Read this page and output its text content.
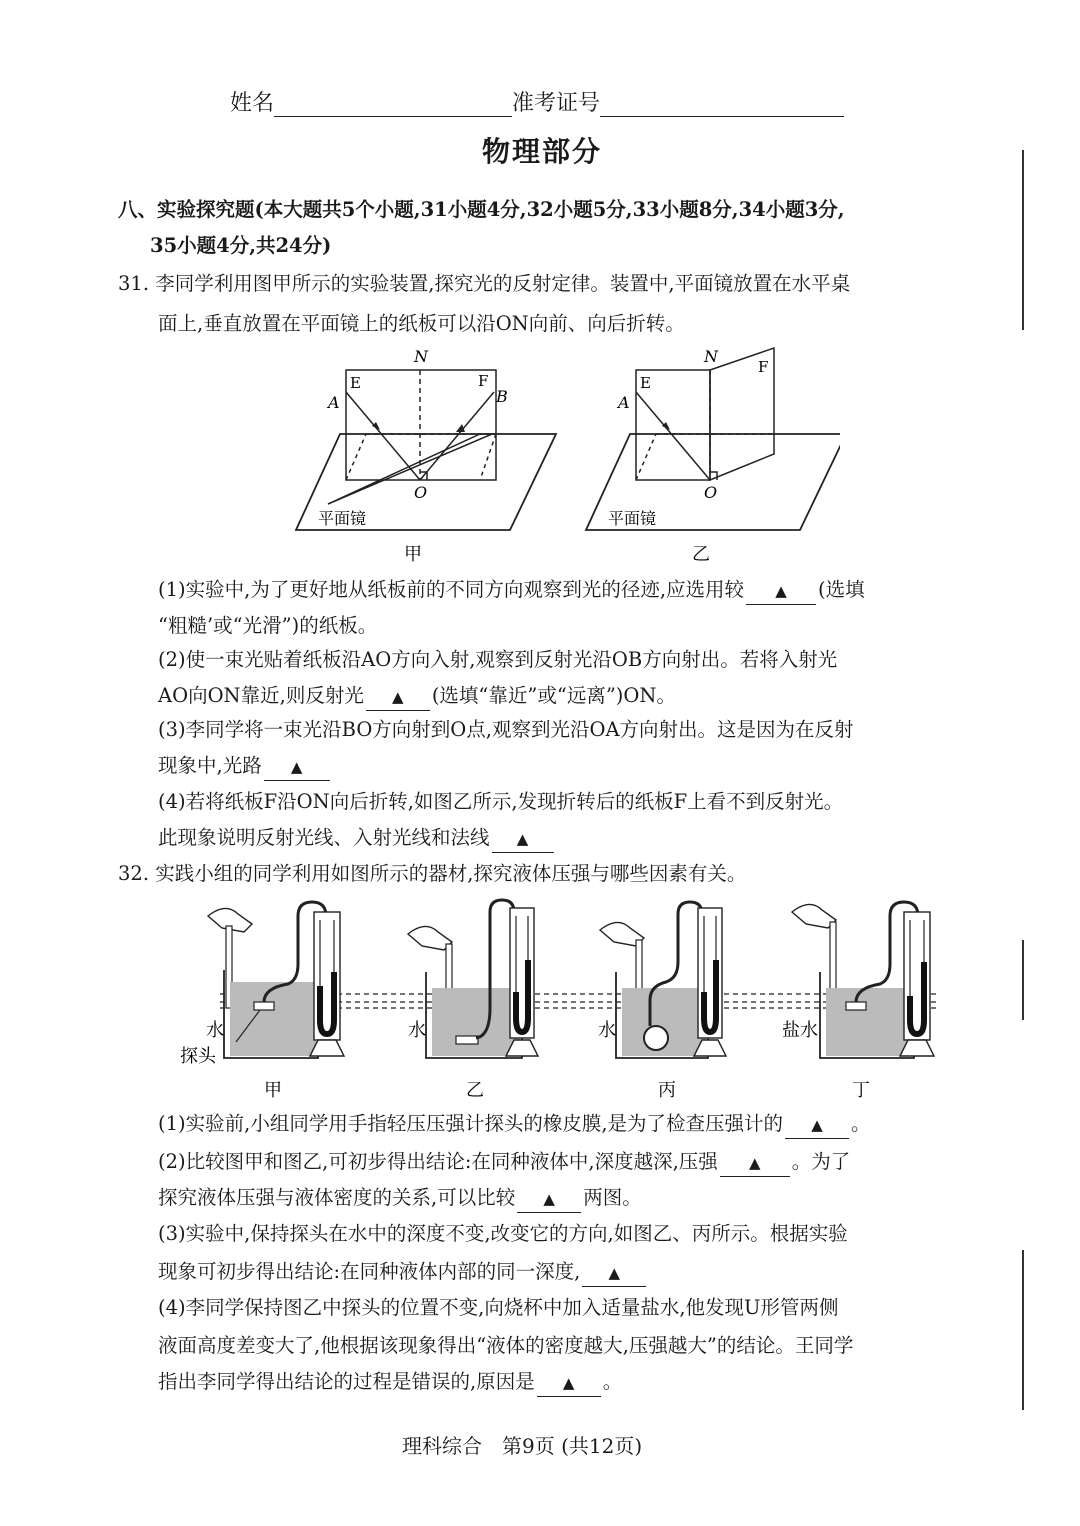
姓名	准考证号
物理部分
八、实验探究题(本大题共5个小题,31小题4分,32小题5分,33小题8分,34小题3分,
35小题4分,共24分)
31. 李同学利用图甲所示的实验装置,探究光的反射定律。装置中,平面镜放置在水平桌
面上,垂直放置在平面镜上的纸板可以沿ON向前、向后折转。
N
E	F
A	B
O
平面镜
甲
N
E
F
A
O
平面镜
乙
(1)实验中,为了更好地从纸板前的不同方向观察到光的径迹,应选用较 ▲ (选填
“粗糙’或“光滑”)的纸板。
(2)使一束光贴着纸板沿AO方向入射,观察到反射光沿OB方向射出。若将入射光
AO向ON靠近,则反射光 ▲ (选填“靠近”或“远离”)ON。
(3)李同学将一束光沿BO方向射到O点,观察到光沿OA方向射出。这是因为在反射
现象中,光路 ▲
(4)若将纸板F沿ON向后折转,如图乙所示,发现折转后的纸板F上看不到反射光。
此现象说明反射光线、入射光线和法线 ▲
32. 实践小组的同学利用如图所示的器材,探究液体压强与哪些因素有关。
水
探头
水	水	盐水
甲	乙	丙	丁
(1)实验前,小组同学用手指轻压压强计探头的橡皮膜,是为了检查压强计的 ▲ 。
(2)比较图甲和图乙,可初步得出结论:在同种液体中,深度越深,压强 ▲ 。为了
探究液体压强与液体密度的关系,可以比较 ▲ 两图。
(3)实验中,保持探头在水中的深度不变,改变它的方向,如图乙、丙所示。根据实验
现象可初步得出结论:在同种液体内部的同一深度, ▲
(4)李同学保持图乙中探头的位置不变,向烧杯中加入适量盐水,他发现U形管两侧
液面高度差变大了,他根据该现象得出“液体的密度越大,压强越大”的结论。王同学
指出李同学得出结论的过程是错误的,原因是 ▲ 。
理科综合　第9页 (共12页)
